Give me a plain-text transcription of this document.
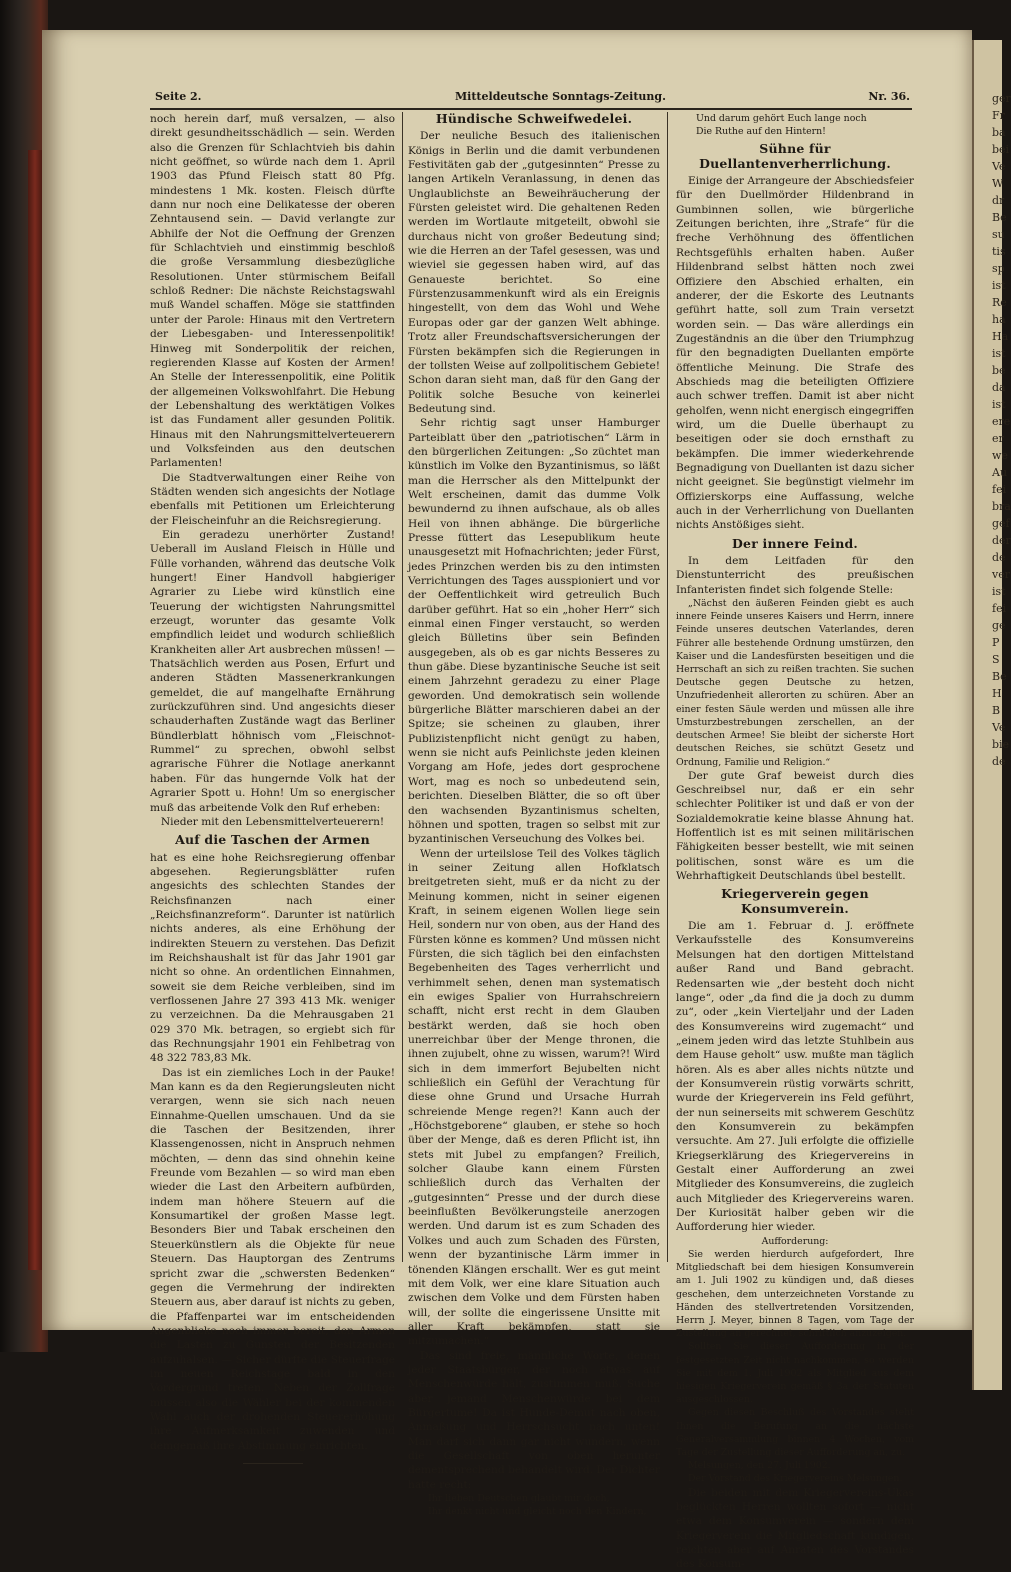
ger
Fr
ba
bei
Ve
W
dr
Be
su
tis
sp
ist
Re
ha
Ha
ist
be
da
ist
ere
er
we
Au
fei
bra
gef
der
de
ver
ist
fei
ge
P
S
Be
H
B
Ve
bie
de
Seite 2.	Mitteldeutsche Sonntags-Zeitung.	Nr. 36.

noch herein darf, muß versalzen, — also direkt gesundheitsschädlich — sein. Werden also die Grenzen für Schlachtvieh bis dahin nicht geöffnet, so würde nach dem 1. April 1903 das Pfund Fleisch statt 80 Pfg. mindestens 1 Mk. kosten. Fleisch dürfte dann nur noch eine Delikatesse der oberen Zehntausend sein. — David verlangte zur Abhilfe der Not die Oeffnung der Grenzen für Schlachtvieh und einstimmig beschloß die große Versammlung diesbezügliche Resolutionen. Unter stürmischem Beifall schloß Redner: Die nächste Reichstagswahl muß Wandel schaffen. Möge sie stattfinden unter der Parole: Hinaus mit den Vertretern der Liebesgaben- und Interessenpolitik! Hinweg mit Sonderpolitik der reichen, regierenden Klasse auf Kosten der Armen! An Stelle der Interessenpolitik, eine Politik der allgemeinen Volkswohlfahrt. Die Hebung der Lebenshaltung des werktätigen Volkes ist das Fundament aller gesunden Politik. Hinaus mit den Nahrungsmittelverteuerern und Volksfeinden aus den deutschen Parlamenten!

Die Stadtverwaltungen einer Reihe von Städten wenden sich angesichts der Notlage ebenfalls mit Petitionen um Erleichterung der Fleischeinfuhr an die Reichsregierung.

Ein geradezu unerhörter Zustand! Ueberall im Ausland Fleisch in Hülle und Fülle vorhanden, während das deutsche Volk hungert! Einer Handvoll habgieriger Agrarier zu Liebe wird künstlich eine Teuerung der wichtigsten Nahrungsmittel erzeugt, worunter das gesamte Volk empfindlich leidet und wodurch schließlich Krankheiten aller Art ausbrechen müssen! — Thatsächlich werden aus Posen, Erfurt und anderen Städten Massenerkrankungen gemeldet, die auf mangelhafte Ernährung zurückzuführen sind. Und angesichts dieser schauderhaften Zustände wagt das Berliner Bündlerblatt höhnisch vom „Fleischnot-Rummel“ zu sprechen, obwohl selbst agrarische Führer die Notlage anerkannt haben. Für das hungernde Volk hat der Agrarier Spott u. Hohn! Um so energischer muß das arbeitende Volk den Ruf erheben:

Nieder mit den Lebensmittelverteuerern!

Auf die Taschen der Armen

hat es eine hohe Reichsregierung offenbar abgesehen. Regierungsblätter rufen angesichts des schlechten Standes der Reichsfinanzen nach einer „Reichsfinanzreform“. Darunter ist natürlich nichts anderes, als eine Erhöhung der indirekten Steuern zu verstehen. Das Defizit im Reichshaushalt ist für das Jahr 1901 gar nicht so ohne. An ordentlichen Einnahmen, soweit sie dem Reiche verbleiben, sind im verflossenen Jahre 27 393 413 Mk. weniger zu verzeichnen. Da die Mehrausgaben 21 029 370 Mk. betragen, so ergiebt sich für das Rechnungsjahr 1901 ein Fehlbetrag von 48 322 783,83 Mk.

Das ist ein ziemliches Loch in der Pauke! Man kann es da den Regierungsleuten nicht verargen, wenn sie sich nach neuen Einnahme-Quellen umschauen. Und da sie die Taschen der Besitzenden, ihrer Klassengenossen, nicht in Anspruch nehmen möchten, — denn das sind ohnehin keine Freunde vom Bezahlen — so wird man eben wieder die Last den Arbeitern aufbürden, indem man höhere Steuern auf die Konsumartikel der großen Masse legt. Besonders Bier und Tabak erscheinen den Steuerkünstlern als die Objekte für neue Steuern. Das Hauptorgan des Zentrums spricht zwar die „schwersten Bedenken“ gegen die Vermehrung der indirekten Steuern aus, aber darauf ist nichts zu geben, die Pfaffenpartei war im entscheidenden Augenblicke noch immer bereit, den Armen die Lasten zu Gunsten der Besitzenden aufzuhalsen. — Sicher dürfte die Steuerfrage im neuen Reichstage bald in den Vordergrund treten. Neben der Zollfrage müssen also die Wähler bei der kommenden Wahl auch der drohenden Steuererhöhung ihre Aufmerksamkeit zuwenden und demgemäß ihre Abstimmung einrichten.

Hündische Schweifwedelei.

Der neuliche Besuch des italienischen Königs in Berlin und die damit verbundenen Festivitäten gab der „gutgesinnten“ Presse zu langen Artikeln Veranlassung, in denen das Unglaublichste an Beweihräucherung der Fürsten geleistet wird. Die gehaltenen Reden werden im Wortlaute mitgeteilt, obwohl sie durchaus nicht von großer Bedeutung sind; wie die Herren an der Tafel gesessen, was und wieviel sie gegessen haben wird, auf das Genaueste berichtet. So eine Fürstenzusammenkunft wird als ein Ereignis hingestellt, von dem das Wohl und Wehe Europas oder gar der ganzen Welt abhinge. Trotz aller Freundschaftsversicherungen der Fürsten bekämpfen sich die Regierungen in der tollsten Weise auf zollpolitischem Gebiete! Schon daran sieht man, daß für den Gang der Politik solche Besuche von keinerlei Bedeutung sind.

Sehr richtig sagt unser Hamburger Parteiblatt über den „patriotischen“ Lärm in den bürgerlichen Zeitungen: „So züchtet man künstlich im Volke den Byzantinismus, so läßt man die Herrscher als den Mittelpunkt der Welt erscheinen, damit das dumme Volk bewundernd zu ihnen aufschaue, als ob alles Heil von ihnen abhänge. Die bürgerliche Presse füttert das Lesepublikum heute unausgesetzt mit Hofnachrichten; jeder Fürst, jedes Prinzchen werden bis zu den intimsten Verrichtungen des Tages ausspioniert und vor der Oeffentlichkeit wird getreulich Buch darüber geführt. Hat so ein „hoher Herr“ sich einmal einen Finger verstaucht, so werden gleich Bülletins über sein Befinden ausgegeben, als ob es gar nichts Besseres zu thun gäbe. Diese byzantinische Seuche ist seit einem Jahrzehnt geradezu zu einer Plage geworden. Und demokratisch sein wollende bürgerliche Blätter marschieren dabei an der Spitze; sie scheinen zu glauben, ihrer Publizistenpflicht nicht genügt zu haben, wenn sie nicht aufs Peinlichste jeden kleinen Vorgang am Hofe, jedes dort gesprochene Wort, mag es noch so unbedeutend sein, berichten. Dieselben Blätter, die so oft über den wachsenden Byzantinismus schelten, höhnen und spotten, tragen so selbst mit zur byzantinischen Verseuchung des Volkes bei.

Wenn der urteilslose Teil des Volkes täglich in seiner Zeitung allen Hofklatsch breitgetreten sieht, muß er da nicht zu der Meinung kommen, nicht in seiner eigenen Kraft, in seinem eigenen Wollen liege sein Heil, sondern nur von oben, aus der Hand des Fürsten könne es kommen? Und müssen nicht Fürsten, die sich täglich bei den einfachsten Begebenheiten des Tages verherrlicht und verhimmelt sehen, denen man systematisch ein ewiges Spalier von Hurrahschreiern schafft, nicht erst recht in dem Glauben bestärkt werden, daß sie hoch oben unerreichbar über der Menge thronen, die ihnen zujubelt, ohne zu wissen, warum?! Wird sich in dem immerfort Bejubelten nicht schließlich ein Gefühl der Verachtung für diese ohne Grund und Ursache Hurrah schreiende Menge regen?! Kann auch der „Höchstgeborene“ glauben, er stehe so hoch über der Menge, daß es deren Pflicht ist, ihn stets mit Jubel zu empfangen? Freilich, solcher Glaube kann einem Fürsten schließlich durch das Verhalten der „gutgesinnten“ Presse und der durch diese beeinflußten Bevölkerungsteile anerzogen werden. Und darum ist es zum Schaden des Volkes und auch zum Schaden des Fürsten, wenn der byzantinische Lärm immer in tönenden Klängen erschallt. Wer es gut meint mit dem Volk, wer eine klare Situation auch zwischen dem Volke und dem Fürsten haben will, der sollte die eingerissene Unsitte mit aller Kraft bekämpfen, statt sie mitzumachen.“

Das sind freie, männliche Worte, denen jeder Staatsbürger, der noch etwas auf Menschenwürde hält, zustimmen muß. Suche aber jemand Menschenwürde bei dem Bürgertume! Da ist Hunde-Demut nach oben, Anmaßung und Herrschsucht nach unten! Man darf sich dann gar nicht wundern, wenn die Gesellschaft von oben herunter dementsprechend behandelt wird. Der Dichter hatte recht:

Ihr lieben Deutschen glaubt mir doch,

Ihr denkt nicht und gleicht noch den Kindern,

Und darum gehört Euch lange noch

Die Ruthe auf den Hintern!

Sühne für Duellantenverherrlichung.

Einige der Arrangeure der Abschiedsfeier für den Duellmörder Hildenbrand in Gumbinnen sollen, wie bürgerliche Zeitungen berichten, ihre „Strafe“ für die freche Verhöhnung des öffentlichen Rechtsgefühls erhalten haben. Außer Hildenbrand selbst hätten noch zwei Offiziere den Abschied erhalten, ein anderer, der die Eskorte des Leutnants geführt hatte, soll zum Train versetzt worden sein. — Das wäre allerdings ein Zugeständnis an die über den Triumphzug für den begnadigten Duellanten empörte öffentliche Meinung. Die Strafe des Abschieds mag die beteiligten Offiziere auch schwer treffen. Damit ist aber nicht geholfen, wenn nicht energisch eingegriffen wird, um die Duelle überhaupt zu beseitigen oder sie doch ernsthaft zu bekämpfen. Die immer wiederkehrende Begnadigung von Duellanten ist dazu sicher nicht geeignet. Sie begünstigt vielmehr im Offizierskorps eine Auffassung, welche auch in der Verherrlichung von Duellanten nichts Anstößiges sieht.

Der innere Feind.

In dem Leitfaden für den Dienstunterricht des preußischen Infanteristen findet sich folgende Stelle:

„Nächst den äußeren Feinden giebt es auch innere Feinde unseres Kaisers und Herrn, innere Feinde unseres deutschen Vaterlandes, deren Führer alle bestehende Ordnung umstürzen, den Kaiser und die Landesfürsten beseitigen und die Herrschaft an sich zu reißen trachten. Sie suchen Deutsche gegen Deutsche zu hetzen, Unzufriedenheit allerorten zu schüren. Aber an einer festen Säule werden und müssen alle ihre Umsturzbestrebungen zerschellen, an der deutschen Armee! Sie bleibt der sicherste Hort deutschen Reiches, sie schützt Gesetz und Ordnung, Familie und Religion.“

Der gute Graf beweist durch dies Geschreibsel nur, daß er ein sehr schlechter Politiker ist und daß er von der Sozialdemokratie keine blasse Ahnung hat. Hoffentlich ist es mit seinen militärischen Fähigkeiten besser bestellt, wie mit seinen politischen, sonst wäre es um die Wehrhaftigkeit Deutschlands übel bestellt.

Kriegerverein gegen Konsumverein.

Die am 1. Februar d. J. eröffnete Verkaufsstelle des Konsumvereins Melsungen hat den dortigen Mittelstand außer Rand und Band gebracht. Redensarten wie „der besteht doch nicht lange“, oder „da find die ja doch zu dumm zu“, oder „kein Vierteljahr und der Laden des Konsumvereins wird zugemacht“ und „einem jeden wird das letzte Stuhlbein aus dem Hause geholt“ usw. mußte man täglich hören. Als es aber alles nichts nützte und der Konsumverein rüstig vorwärts schritt, wurde der Kriegerverein ins Feld geführt, der nun seinerseits mit schwerem Geschütz den Konsumverein zu bekämpfen versuchte. Am 27. Juli erfolgte die offizielle Kriegserklärung des Kriegervereins in Gestalt einer Aufforderung an zwei Mitglieder des Konsumvereins, die zugleich auch Mitglieder des Kriegervereins waren. Der Kuriosität halber geben wir die Aufforderung hier wieder.

Aufforderung:

Sie werden hierdurch aufgefordert, Ihre Mitgliedschaft bei dem hiesigen Konsumverein am 1. Juli 1902 zu kündigen und, daß dieses geschehen, dem unterzeichneten Vorstande zu Händen des stellvertretenden Vorsitzenden, Herrn J. Meyer, binnen 8 Tagen, vom Tage der Zustellung an gerechnet, schriftlich anzuzeigen.

Sollten Sie dieser Aufforderung in der festgesetzten Zeit nicht nachkommen, so werden Sie mit dem 1. Juli 1902 als Mitglied aus dem hiesigen Kriegerverein gemäß § 3a der Statuten ausgeschlossen.

Gegen diesen Beschluß des Vorstandes steht Ihnen die Berufung an die nächste Generalversammlung binnen 4 Wochen, vom Tage der Zustellung dieser Aufforderung an, zu.

Melsungen, den 27. Juli 1902.

Der Vorstand des Kriegervereins Melsungen.

Die beiden mit dem Kriegervereins-Ukas beglückten Herren wollten sofort — nicht etwa dem Konsumverein — sondern dem Kriegerverein die Mitgliedschaft kündigen, reichten aber auf Anraten des Vorstandes des Konsum-
